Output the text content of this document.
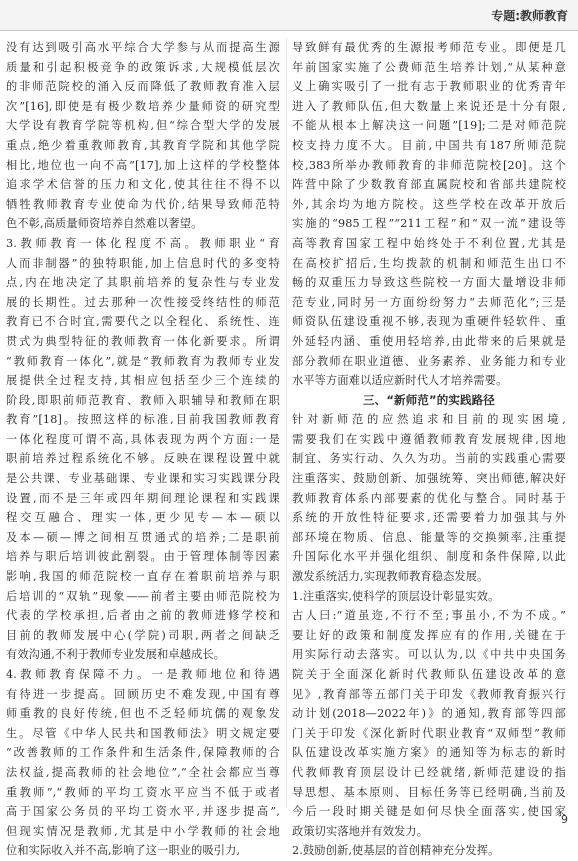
专题:教师教育
没有达到吸引高水平综合大学参与从而提高生源
质量和引起积极竞争的政策诉求,大规模低层次
的非师范院校的涌入反而降低了教师教育准入层
次”[16],即使是有极少数培养少量师资的研究型
大学设有教育学院等机构,但“综合型大学的发展
重点,绝少着重教师教育,其教育学院和其他学院
相比,地位也一向不高”[17],加上这样的学校整体
追求学术信誉的压力和文化,使其往往不得不以
牺牲教师教育专业使命为代价,结果导致师范特
色不彰,高质量师资培养自然难以奢望。
3.教师教育一体化程度不高。教师职业“育
人而非制器”的独特职能,加上信息时代的多变特
点,内在地决定了其职前培养的复杂性与专业发
展的长期性。过去那种一次性接受终结性的师范
教育已不合时宜,需要代之以全程化、系统性、连
贯式为典型特征的教师教育一体化新要求。所谓
“教师教育一体化”,就是“教师教育为教师专业发
展提供全过程支持,其相应包括至少三个连续的
阶段,即职前师范教育、教师入职辅导和教师在职
教育”[18]。按照这样的标准,目前我国教师教育
一体化程度可谓不高,具体表现为两个方面:一是
职前培养过程系统化不够。反映在课程设置中就
是公共课、专业基础课、专业课和实习实践课分段
设置,而不是三年或四年期间理论课程和实践课
程交互融合、理实一体,更少见专—本—硕以
及本—硕—博之间相互贯通式的培养;二是职前
培养与职后培训彼此割裂。由于管理体制等因素
影响,我国的师范院校一直存在着职前培养与职
后培训的“双轨”现象——前者主要由师范院校为
代表的学校承担,后者由之前的教师进修学校和
目前的教师发展中心(学院)司职,两者之间缺乏
有效沟通,不利于教师专业发展和卓越成长。
4.教师教育保障不力。一是教师地位和待遇
有待进一步提高。回顾历史不难发现,中国有尊
师重教的良好传统,但也不乏轻师坑儒的观象发
生。尽管《中华人民共和国教师法》明文规定要
“改善教师的工作条件和生活条件,保障教师的合
法权益,提高教师的社会地位”,“全社会都应当尊
重教师”,“教师的平均工资水平应当不低于或者
高于国家公务员的平均工资水平,并逐步提高”,
但现实情况是教师,尤其是中小学教师的社会地
位和实际收入并不高,影响了这一职业的吸引力,
导致鲜有最优秀的生源报考师范专业。即便是几
年前国家实施了公费师范生培养计划,“从某种意
义上确实吸引了一批有志于教师职业的优秀青年
进入了教师队伍,但大数量上来说还是十分有限,
不能从根本上解决这一问题”[19];二是对师范院
校支持力度不大。目前,中国共有187所师范院
校,383所举办教师教育的非师范院校[20]。这个
阵营中除了少数教育部直属院校和省部共建院校
外,其余均为地方院校。这些学校在改革开放后
实施的“985工程”“211工程”和“双一流”建设等
高等教育国家工程中始终处于不利位置,尤其是
在高校扩招后,生均拨款的机制和师范生出口不
畅的双重压力导致这些院校一方面大量增设非师
范专业,同时另一方面纷纷努力“去师范化”;三是
师资队伍建设重视不够,表现为重硬件轻软件、重
外延轻内涵、重使用轻培养,由此带来的后果就是
部分教师在职业道德、业务素养、业务能力和专业
水平等方面难以适应新时代人才培养需要。
三、“新师范”的实践路径
针对新师范的应然追求和目前的现实困境,
需要我们在实践中遵循教师教育发展规律,因地
制宜、务实行动、久久为功。当前的实践重心需要
注重落实、鼓励创新、加强统筹、突出师德,解决好
教师教育体系内部要素的优化与整合。同时基于
系统的开放性特征要求,还需要着力加强其与外
部环境在物质、信息、能量等的交换频率,注重提
升国际化水平并强化组织、制度和条件保障,以此
激发系统活力,实现教师教育稳态发展。
1.注重落实,使科学的顶层设计彰显实效。
古人曰:“道虽迩,不行不至;事虽小,不为不成。”
要让好的政策和制度发挥应有的作用,关键在于
用实际行动去落实。可以认为,以《中共中央国务
院关于全面深化新时代教师队伍建设改革的意
见》,教育部等五部门关于印发《教师教育振兴行
动计划(2018—2022年)》的通知,教育部等四部
门关于印发《深化新时代职业教育“双师型”教师
队伍建设改革实施方案》的通知等为标志的新时
代教师教育顶层设计已经就绪,新师范建设的指
导思想、基本原则、目标任务等已经明确,当前及
今后一段时期关键是如何尽快全面落实,使国家
政策切实落地并有效发力。
2.鼓励创新,使基层的首创精神充分发挥。
9
